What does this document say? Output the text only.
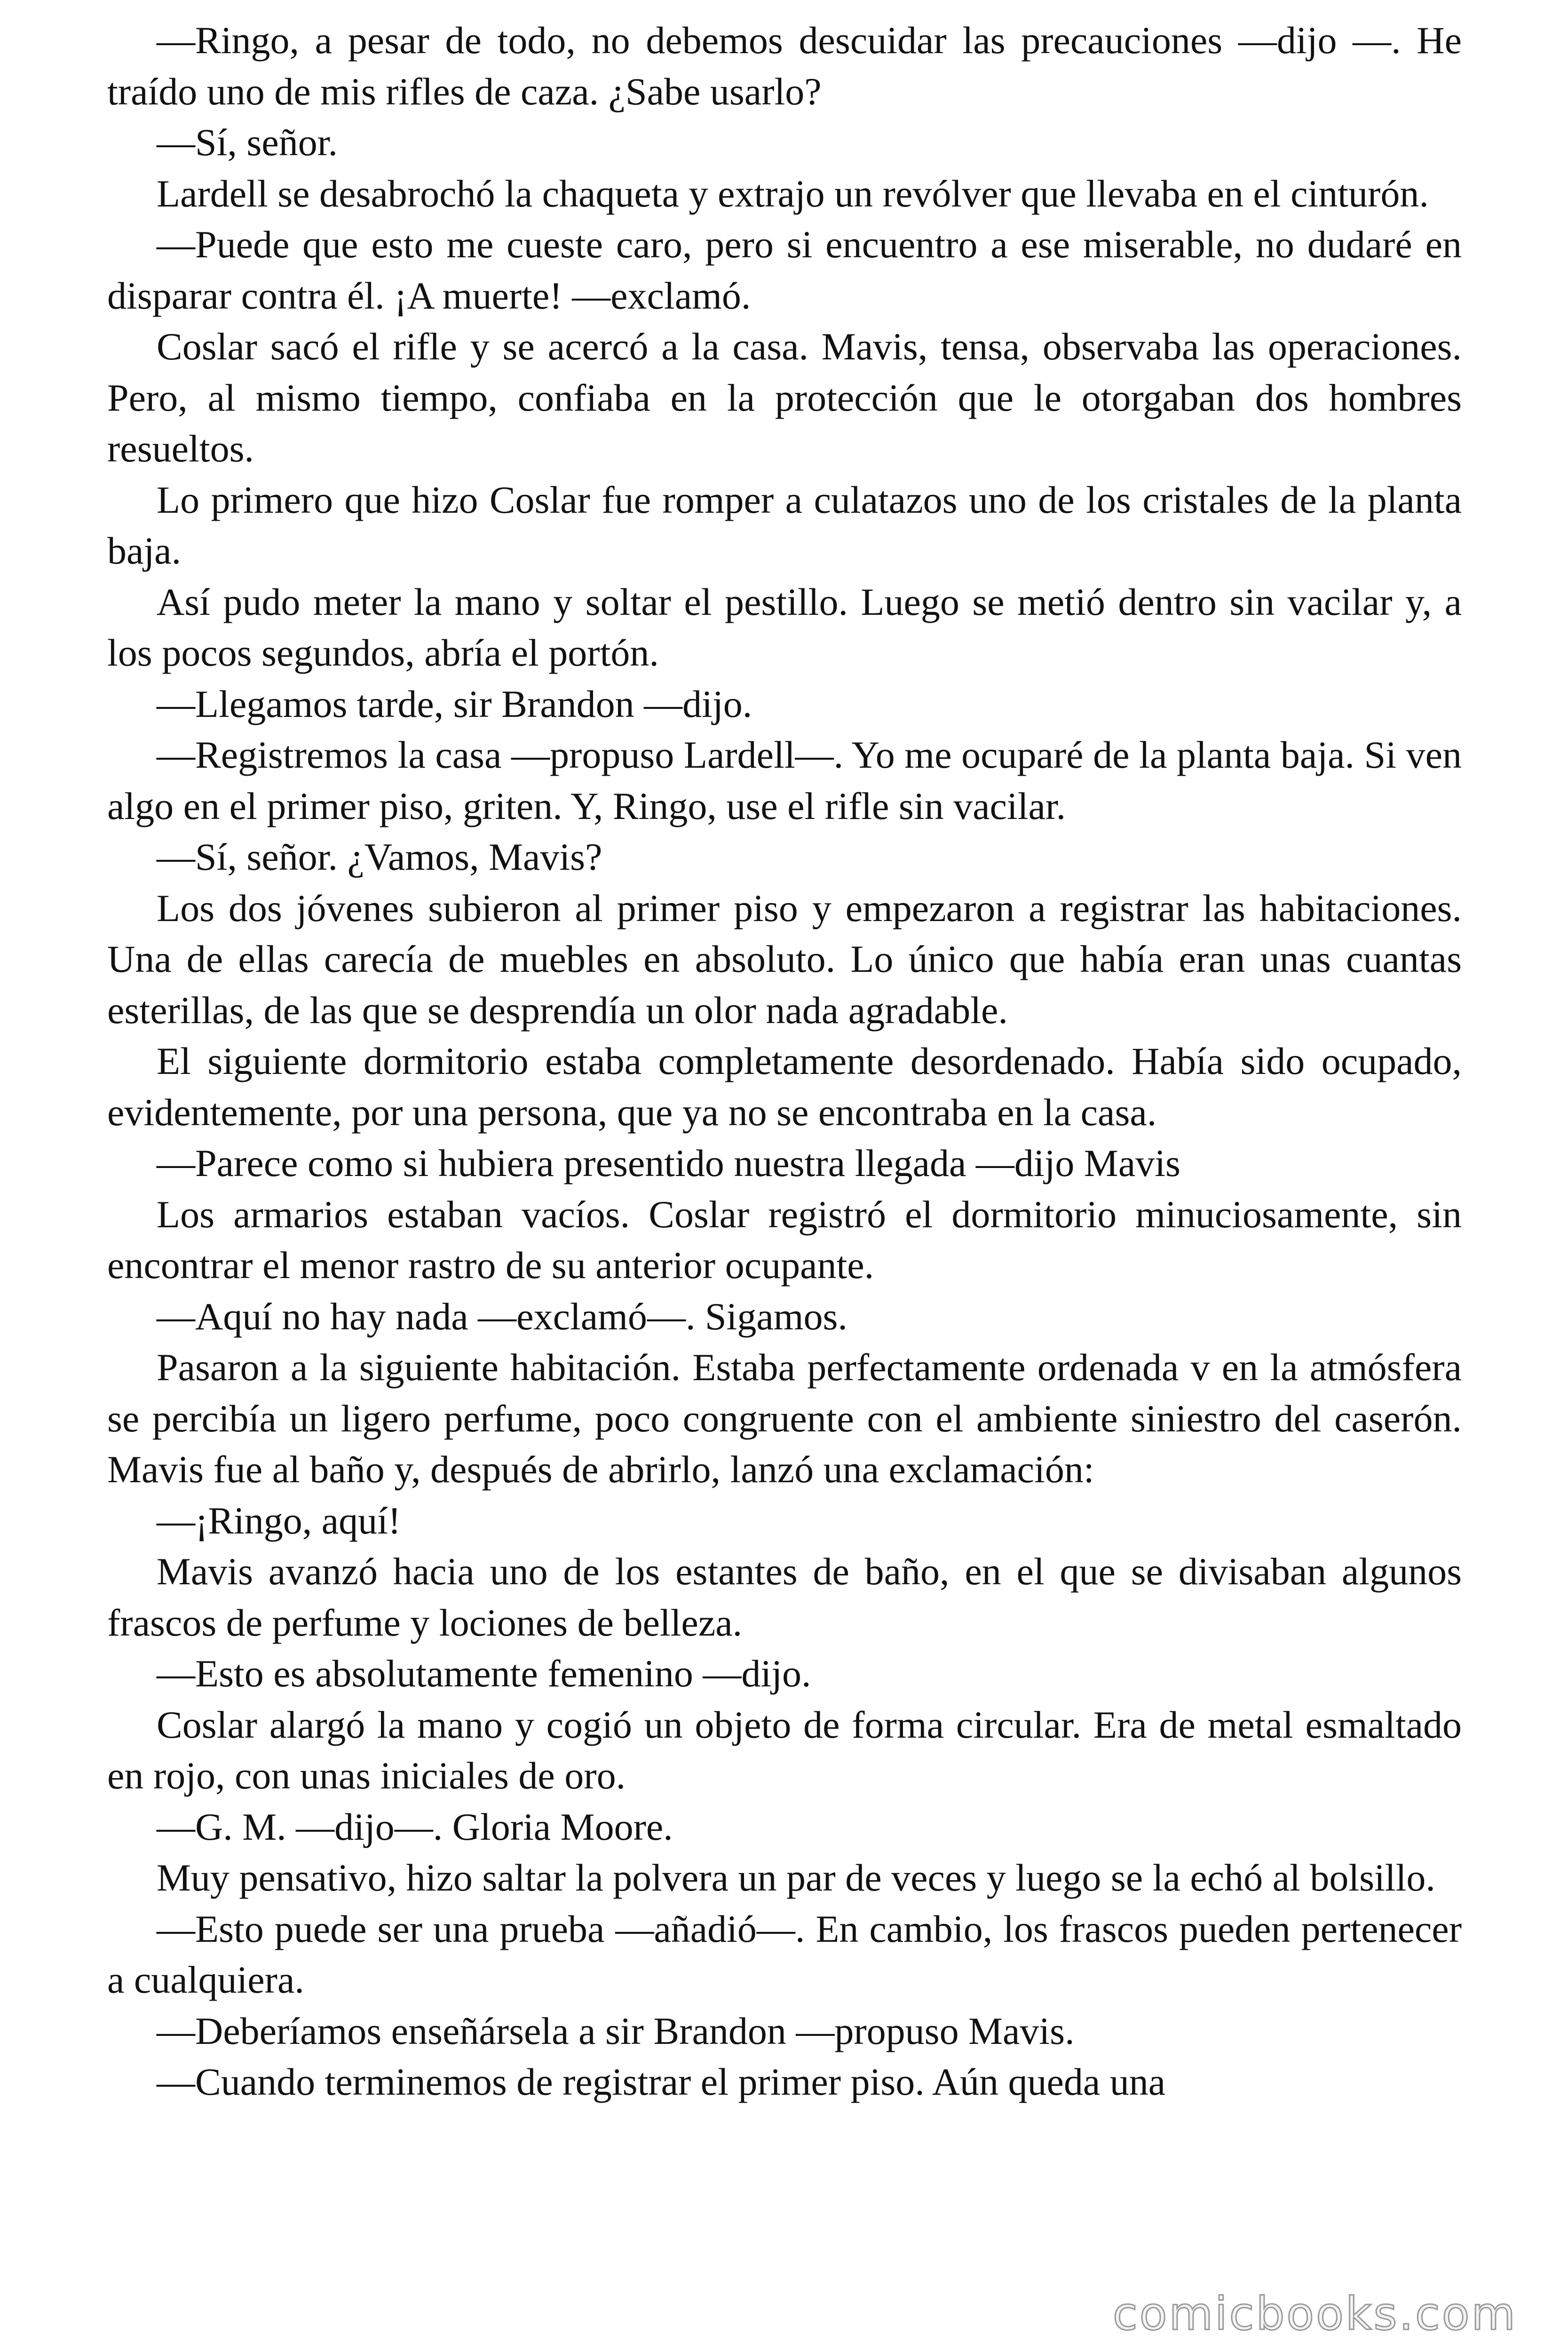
—Ringo, a pesar de todo, no debemos descuidar las precauciones —dijo —. He traído uno de mis rifles de caza. ¿Sabe usarlo?

—Sí, señor.

Lardell se desabrochó la chaqueta y extrajo un revólver que llevaba en el cinturón.

—Puede que esto me cueste caro, pero si encuentro a ese miserable, no dudaré en disparar contra él. ¡A muerte! —exclamó.

Coslar sacó el rifle y se acercó a la casa. Mavis, tensa, observaba las operaciones. Pero, al mismo tiempo, confiaba en la protección que le otorgaban dos hombres resueltos.

Lo primero que hizo Coslar fue romper a culatazos uno de los cristales de la planta baja.

Así pudo meter la mano y soltar el pestillo. Luego se metió dentro sin vacilar y, a los pocos segundos, abría el portón.

—Llegamos tarde, sir Brandon —dijo.

—Registremos la casa —propuso Lardell—. Yo me ocuparé de la planta baja. Si ven algo en el primer piso, griten. Y, Ringo, use el rifle sin vacilar.

—Sí, señor. ¿Vamos, Mavis?

Los dos jóvenes subieron al primer piso y empezaron a registrar las habitaciones. Una de ellas carecía de muebles en absoluto. Lo único que había eran unas cuantas esterillas, de las que se desprendía un olor nada agradable.

El siguiente dormitorio estaba completamente desordenado. Había sido ocupado, evidentemente, por una persona, que ya no se encontraba en la casa.

—Parece como si hubiera presentido nuestra llegada —dijo Mavis

Los armarios estaban vacíos. Coslar registró el dormitorio minuciosamente, sin encontrar el menor rastro de su anterior ocupante.

—Aquí no hay nada —exclamó—. Sigamos.

Pasaron a la siguiente habitación. Estaba perfectamente ordenada v en la atmósfera se percibía un ligero perfume, poco congruente con el ambiente siniestro del caserón. Mavis fue al baño y, después de abrirlo, lanzó una exclamación:

—¡Ringo, aquí!

Mavis avanzó hacia uno de los estantes de baño, en el que se divisaban algunos frascos de perfume y lociones de belleza.

—Esto es absolutamente femenino —dijo.

Coslar alargó la mano y cogió un objeto de forma circular. Era de metal esmaltado en rojo, con unas iniciales de oro.

—G. M. —dijo—. Gloria Moore.

Muy pensativo, hizo saltar la polvera un par de veces y luego se la echó al bolsillo.

—Esto puede ser una prueba —añadió—. En cambio, los frascos pueden pertenecer a cualquiera.

—Deberíamos enseñársela a sir Brandon —propuso Mavis.

—Cuando terminemos de registrar el primer piso. Aún queda una

comicbooks.com
